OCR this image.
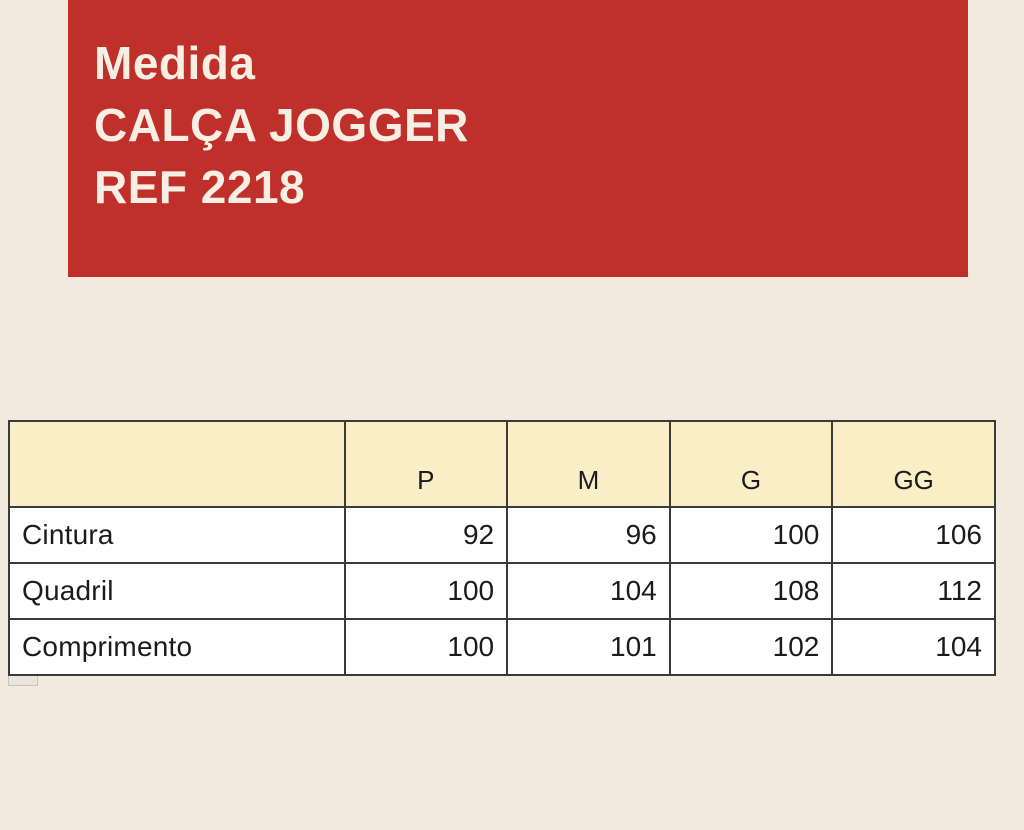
Medida
CALÇA JOGGER
REF 2218
	P	M	G	GG
Cintura	92	96	100	106
Quadril	100	104	108	112
Comprimento	100	101	102	104
